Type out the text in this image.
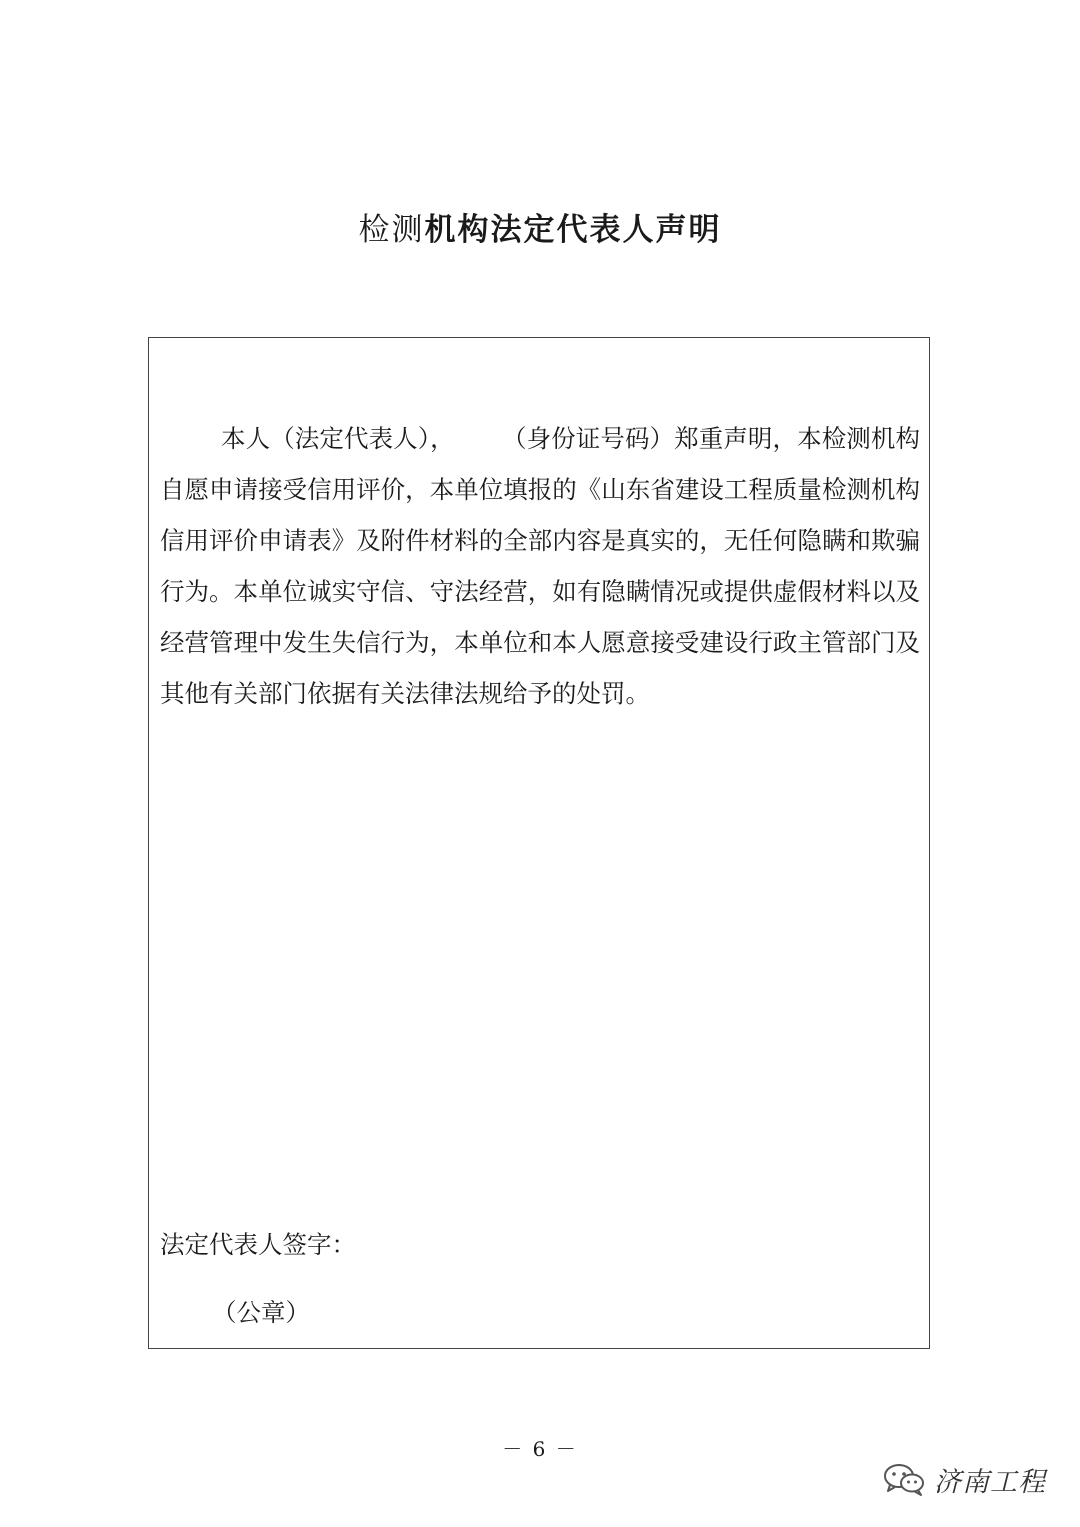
检测机构法定代表人声明

本人（法定代表人），      （身份证号码）郑重声明，本检测机构自愿申请接受信用评价，本单位填报的《山东省建设工程质量检测机构信用评价申请表》及附件材料的全部内容是真实的，无任何隐瞒和欺骗行为。本单位诚实守信、守法经营，如有隐瞒情况或提供虚假材料以及经营管理中发生失信行为，本单位和本人愿意接受建设行政主管部门及其他有关部门依据有关法律法规给予的处罚。

法定代表人签字：
（公章）
－ 6 －
济南工程
